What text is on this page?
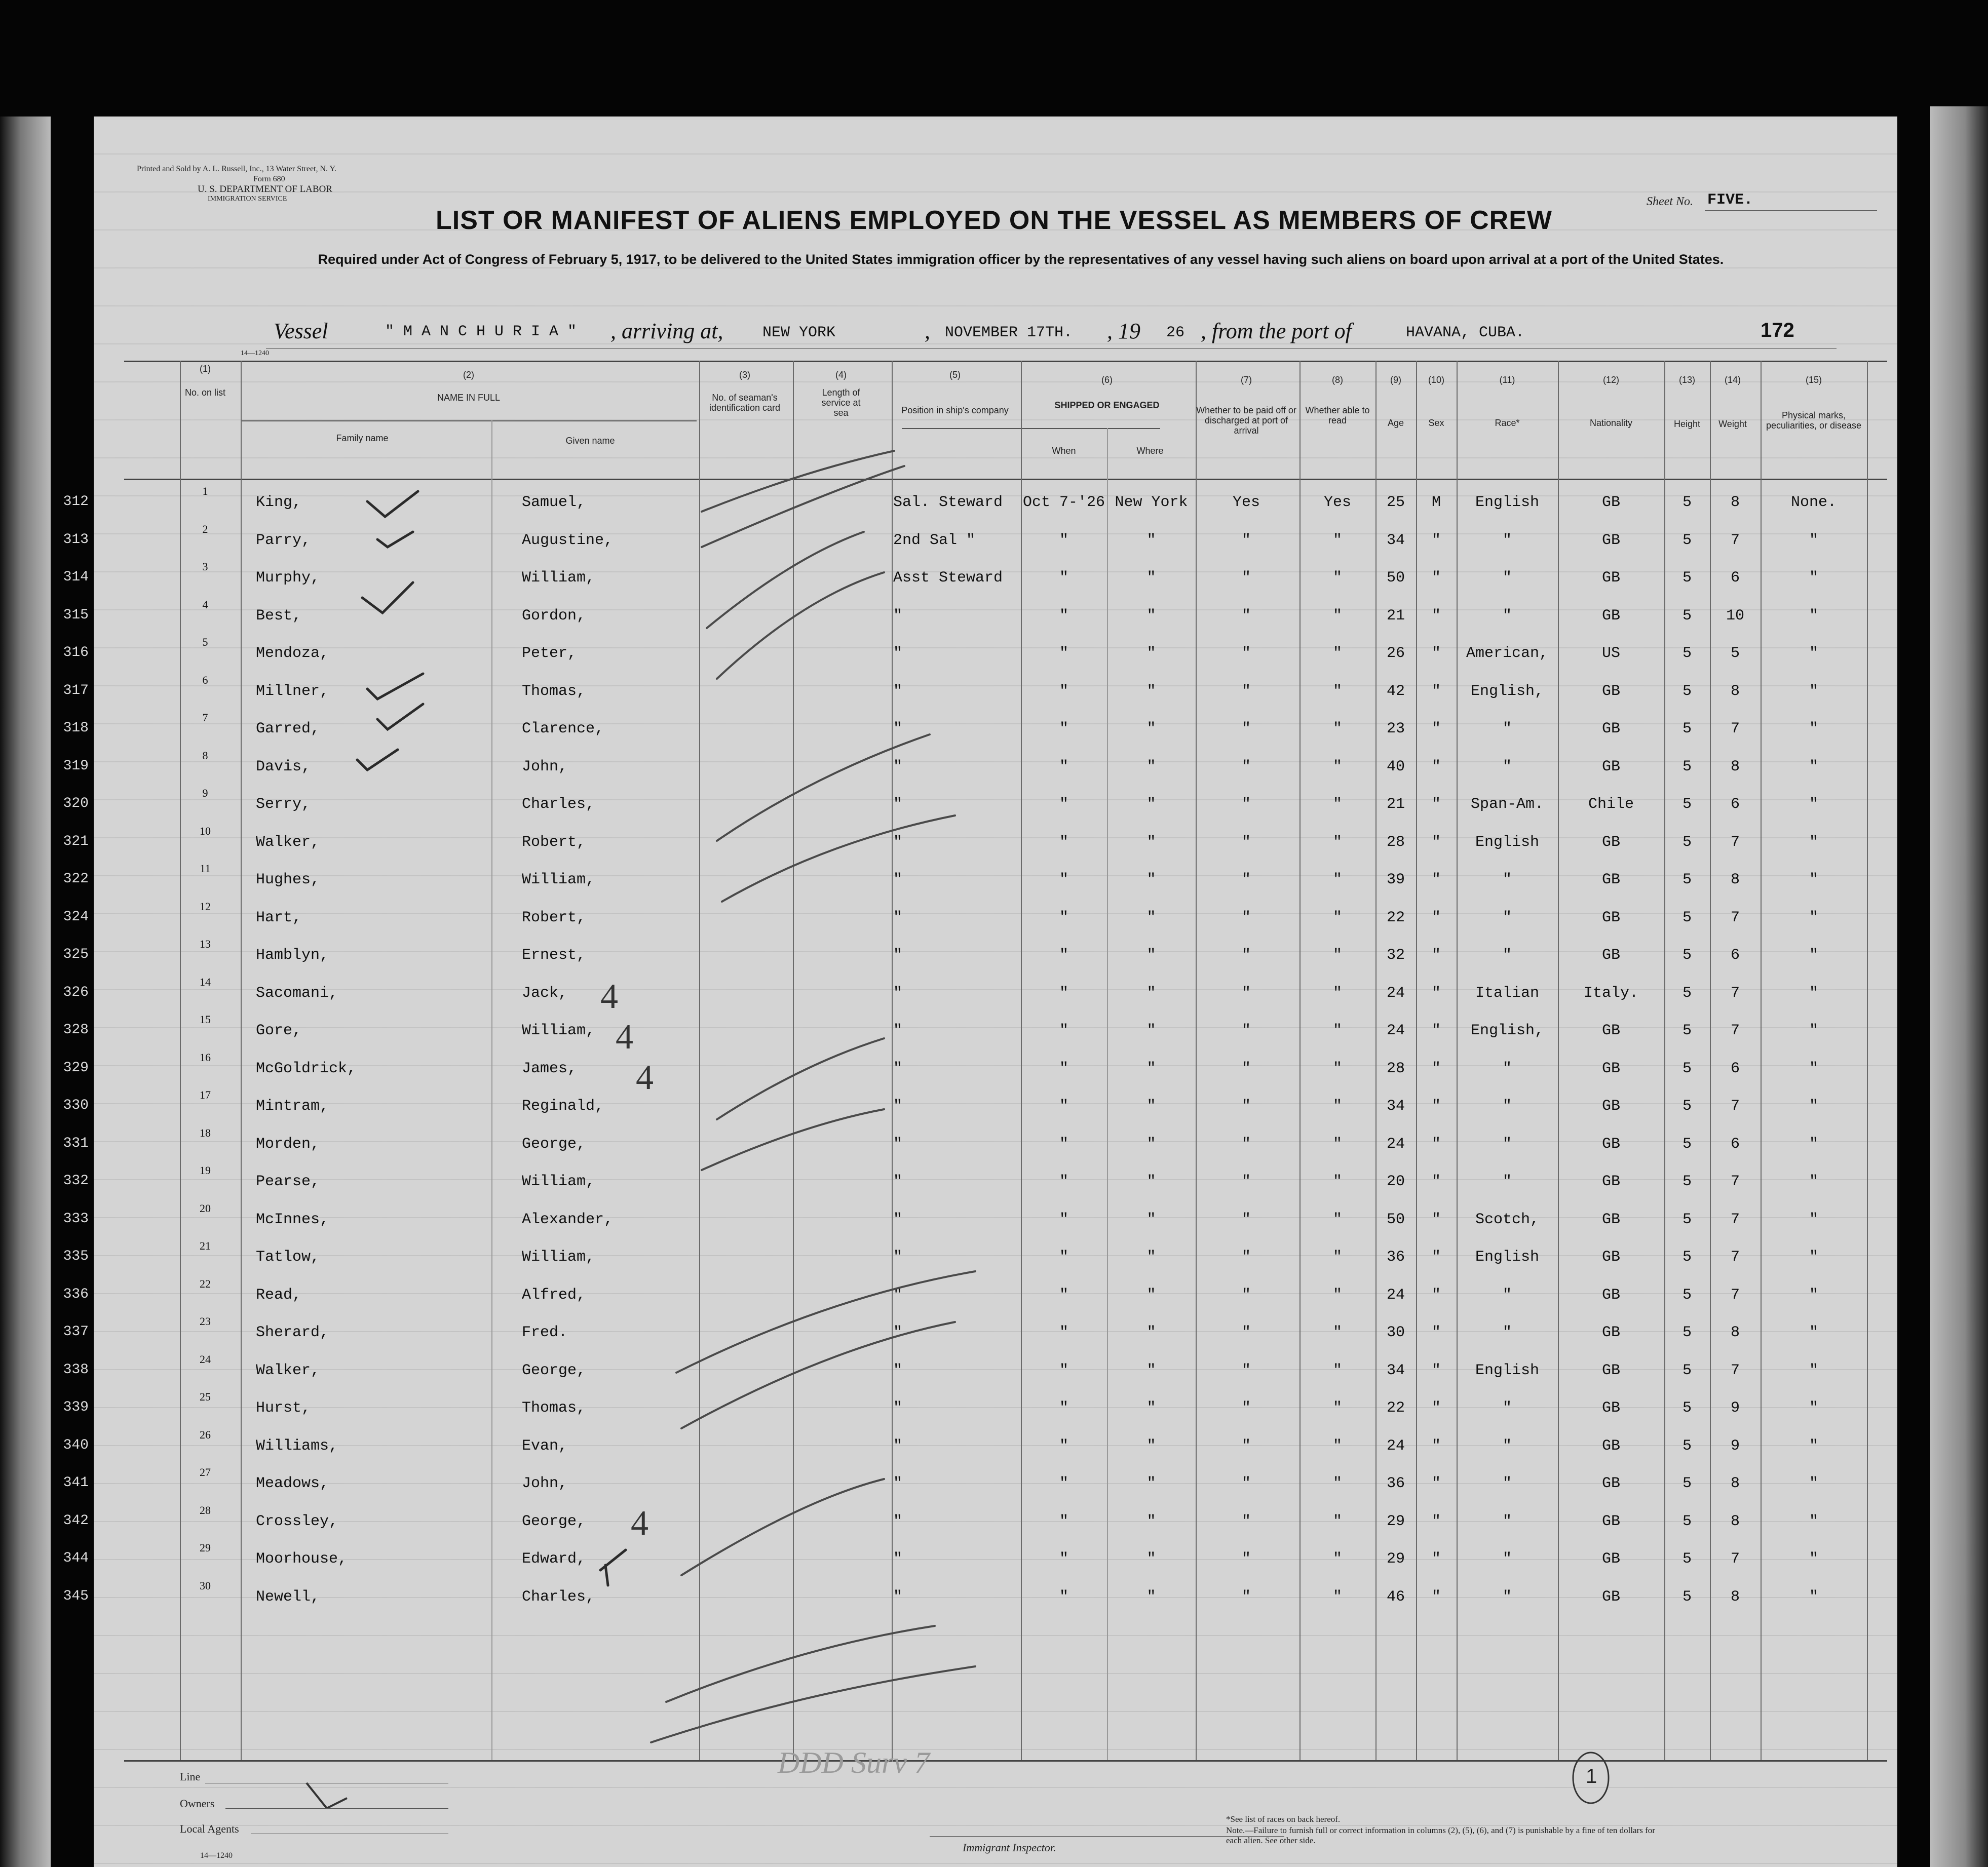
Printed and Sold by A. L. Russell, Inc., 13 Water Street, N. Y.
Form 680
U. S. DEPARTMENT OF LABOR
IMMIGRATION SERVICE	Sheet No. FIVE.
LIST OR MANIFEST OF ALIENS EMPLOYED ON THE VESSEL AS MEMBERS OF CREW
Required under Act of Congress of February 5, 1917, to be delivered to the United States immigration officer by the representatives of any vessel having such aliens on board upon arrival at a port of the United States.
Vessel	" M A N C H U R I A " , arriving at,	NEW YORK	, NOVEMBER 17TH. , 19 26 , from the port of	HAVANA, CUBA.	172
14—1240
(1)
No. on list
(2)
NAME IN FULL
Family name	Given name
(3)
No. of seaman's identification card
(4)
Length of service at sea
(5)
Position in ship's company
(6)
SHIPPED OR ENGAGED
When	Where
(7)
Whether to be paid off or discharged at port of arrival
(8)
Whether able to read
(9)
Age
(10)
Sex
(11)
Race*
(12)
Nationality
(13)
Height
(14)
Weight
(15)
Physical marks, peculiarities, or disease
312
1
King,	Samuel,	Sal. Steward	Oct 7-'26 New York	Yes	Yes	25	M	English	GB	5	8	None.
313
2
Parry,	Augustine,	2nd Sal "	"	"	"	"	34	"	"	GB	5	7	"
314
3
Murphy,	William,	Asst Steward	"	"	"	"	50	"	"	GB	5	6	"
315
4
Best,	Gordon,	"	"	"	"	"	21	"	"	GB	5	10	"
316
5
Mendoza,	Peter,	"	"	"	"	"	26	"	American,	US	5	5	"
317
6
Millner,	Thomas,	"	"	"	"	"	42	"	English,	GB	5	8	"
318
7
Garred,	Clarence,	"	"	"	"	"	23	"	"	GB	5	7	"
319
8
Davis,	John,	"	"	"	"	"	40	"	"	GB	5	8	"
320
9
Serry,	Charles,	"	"	"	"	"	21	"	Span-Am.	Chile	5	6	"
321
10
Walker,	Robert,	"	"	"	"	"	28	"	English	GB	5	7	"
322
11
Hughes,	William,	"	"	"	"	"	39	"	"	GB	5	8	"
324
12
Hart,	Robert,	"	"	"	"	"	22	"	"	GB	5	7	"
325
13
Hamblyn,	Ernest,	"	"	"	"	"	32	"	"	GB	5	6	"
326
14
Sacomani,	Jack,	"	"	"	"	"	24	"	Italian	Italy.	5	7	"
328
15
Gore,	William,	"	"	"	"	"	24	"	English,	GB	5	7	"
329
16
McGoldrick,	James,	"	"	"	"	"	28	"	"	GB	5	6	"
330
17
Mintram,	Reginald,	"	"	"	"	"	34	"	"	GB	5	7	"
331
18
Morden,	George,	"	"	"	"	"	24	"	"	GB	5	6	"
332
19
Pearse,	William,	"	"	"	"	"	20	"	"	GB	5	7	"
333
20
McInnes,	Alexander,	"	"	"	"	"	50	"	Scotch,	GB	5	7	"
335
21
Tatlow,	William,	"	"	"	"	"	36	"	English	GB	5	7	"
336
22
Read,	Alfred,	"	"	"	"	"	24	"	"	GB	5	7	"
337
23
Sherard,	Fred.	"	"	"	"	"	30	"	"	GB	5	8	"
338
24
Walker,	George,	"	"	"	"	"	34	"	English	GB	5	7	"
339
25
Hurst,	Thomas,	"	"	"	"	"	22	"	"	GB	5	9	"
340
26
Williams,	Evan,	"	"	"	"	"	24	"	"	GB	5	9	"
341
27
Meadows,	John,	"	"	"	"	"	36	"	"	GB	5	8	"
342
28
Crossley,	George,	"	"	"	"	"	29	"	"	GB	5	8	"
344
29
Moorhouse,	Edward,	"	"	"	"	"	29	"	"	GB	5	7	"
345
30
Newell,	Charles,	"	"	"	"	"	46	"	"	GB	5	8	"
4
4
4
4
DDD Surv 7	1
Line
Owners
Local Agents
14—1240
Immigrant Inspector.
*See list of races on back hereof.
Note.—Failure to furnish full or correct information in columns (2), (5), (6), and (7) is punishable by a fine of ten dollars for each alien. See other side.
